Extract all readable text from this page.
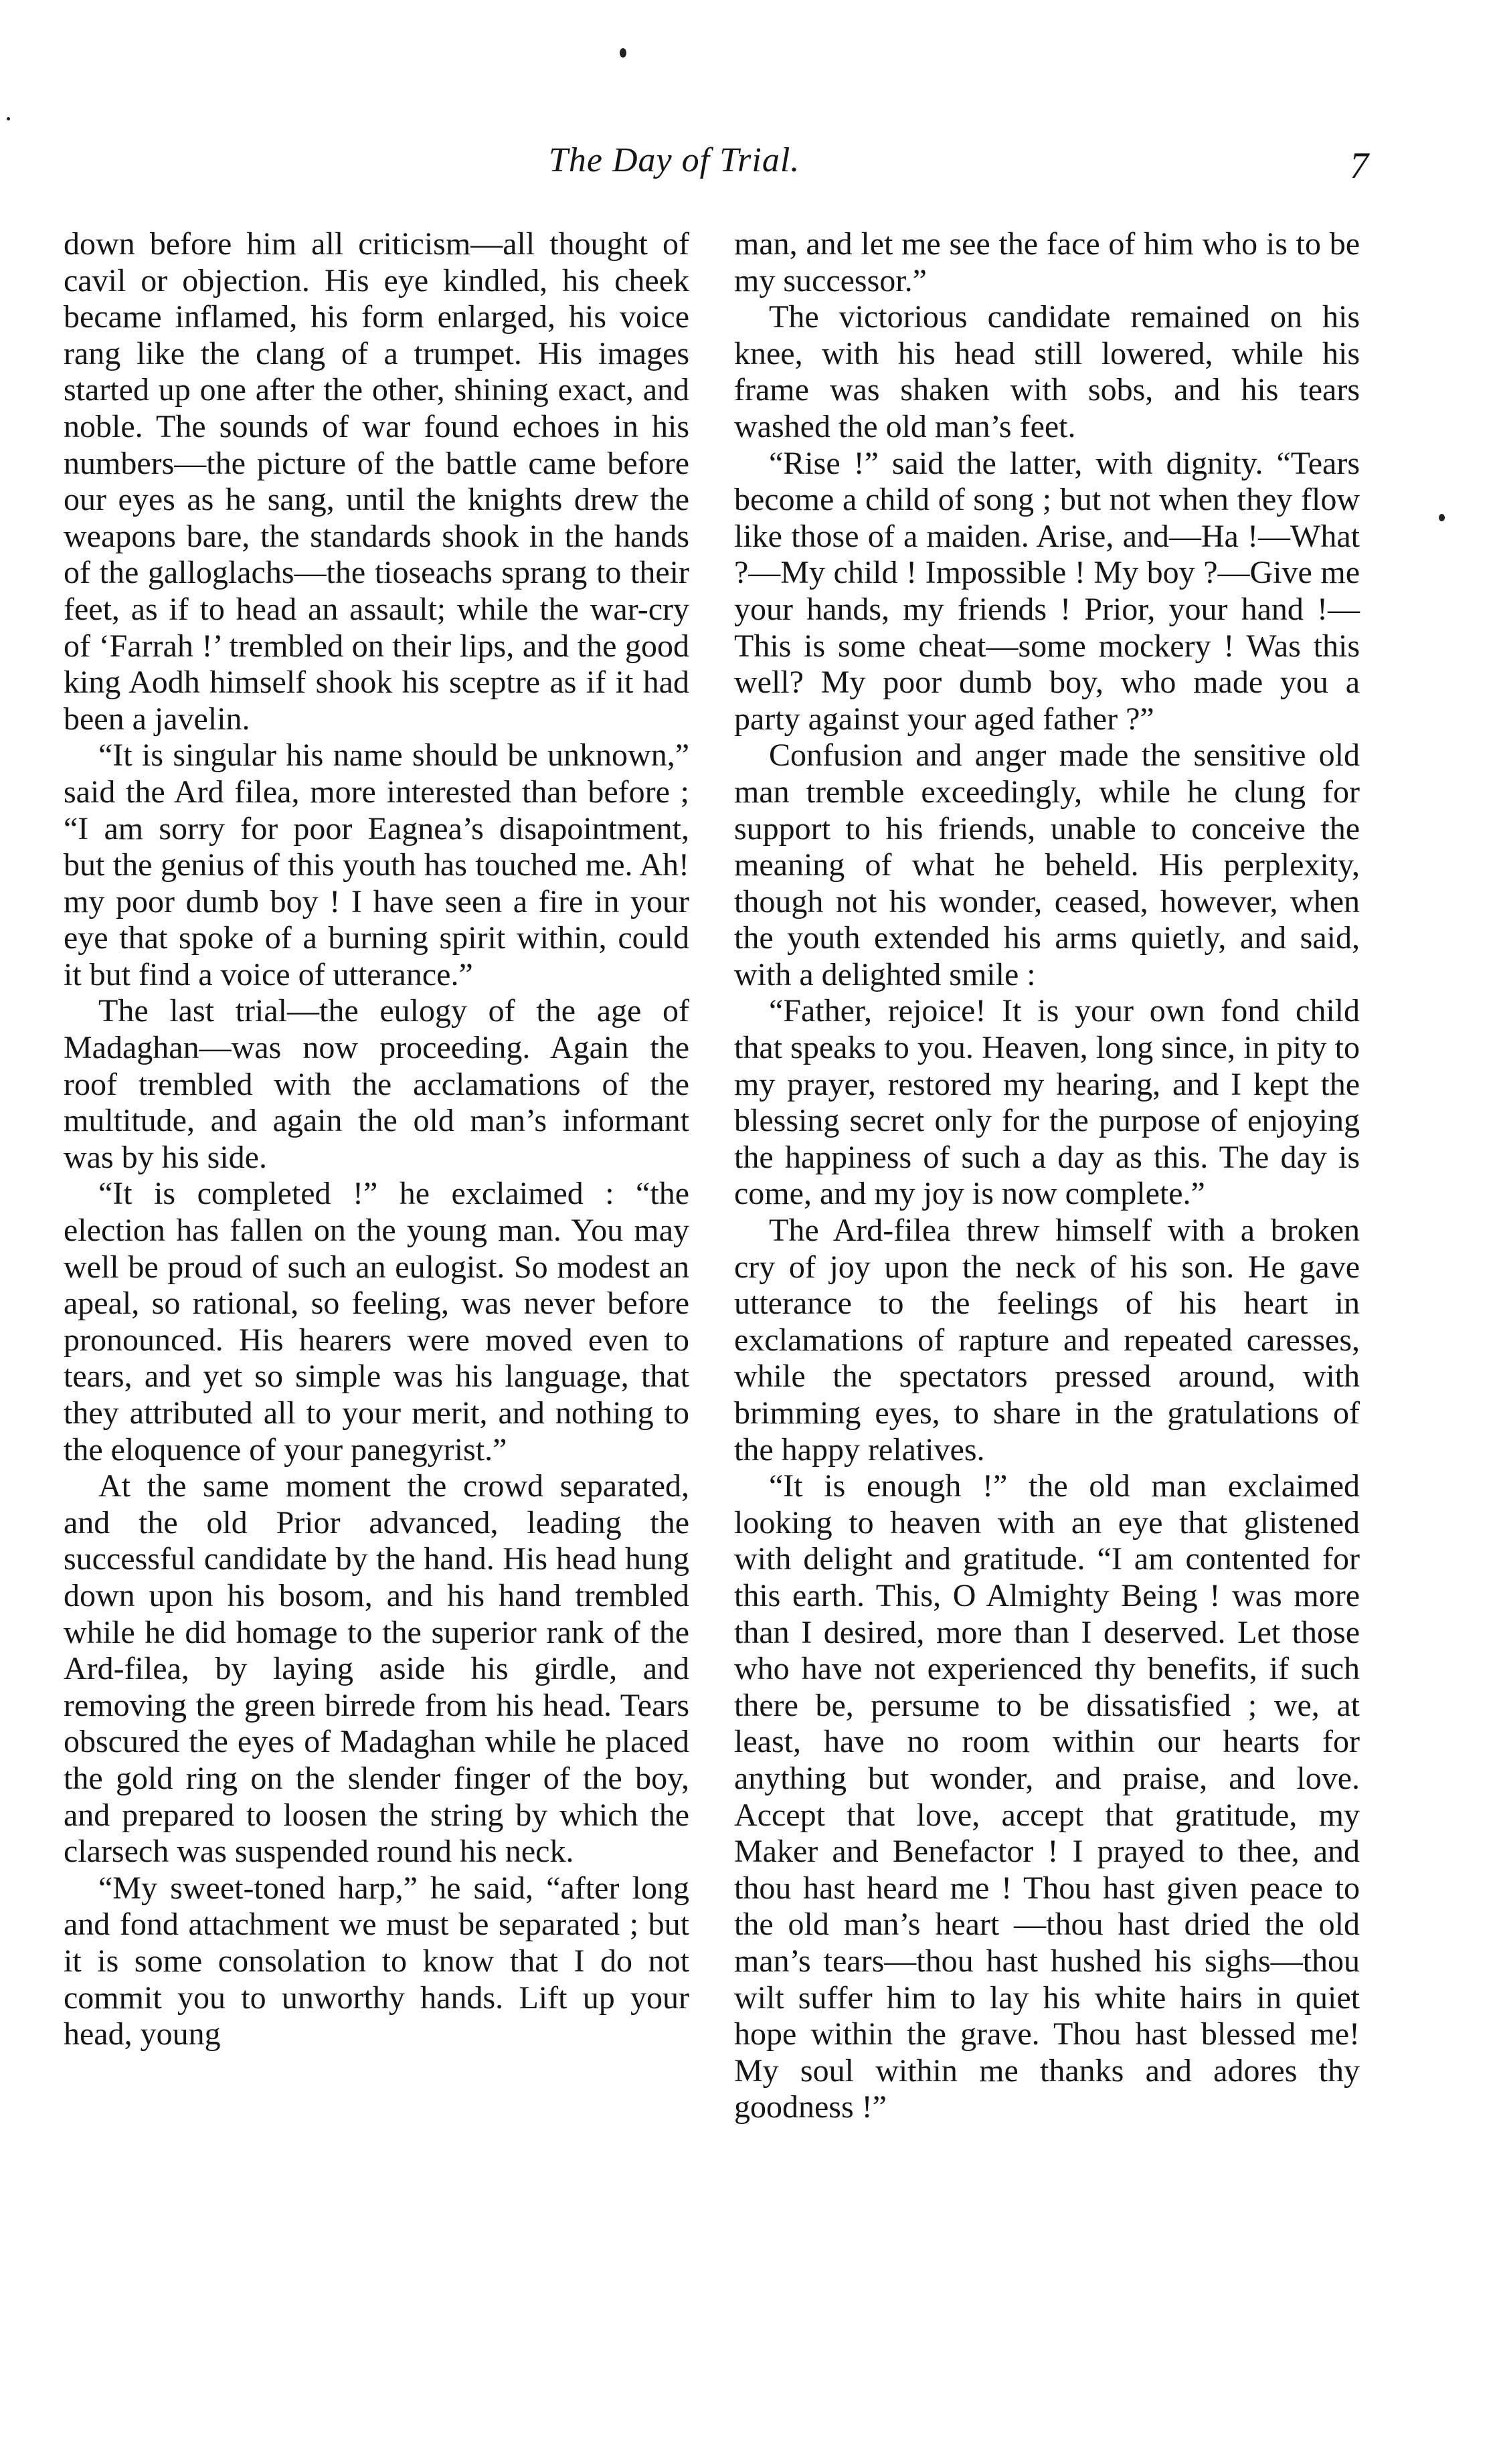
The Day of Trial.	7

down before him all criticism—all thought of cavil or objection. His eye kindled, his cheek became inflamed, his form enlarged, his voice rang like the clang of a trumpet. His images started up one after the other, shining exact, and noble. The sounds of war found echoes in his numbers—the picture of the battle came before our eyes as he sang, until the knights drew the weapons bare, the standards shook in the hands of the galloglachs—the tioseachs sprang to their feet, as if to head an assault; while the war-cry of ‘Farrah !’ trembled on their lips, and the good king Aodh himself shook his sceptre as if it had been a javelin.

“It is singular his name should be unknown,” said the Ard filea, more interested than before ; “I am sorry for poor Eagnea’s disapointment, but the genius of this youth has touched me. Ah! my poor dumb boy ! I have seen a fire in your eye that spoke of a burning spirit within, could it but find a voice of utterance.”

The last trial—the eulogy of the age of Madaghan—was now proceeding. Again the roof trembled with the acclamations of the multitude, and again the old man’s informant was by his side.

“It is completed !” he exclaimed : “the election has fallen on the young man. You may well be proud of such an eulogist. So modest an apeal, so rational, so feeling, was never before pronounced. His hearers were moved even to tears, and yet so simple was his language, that they attributed all to your merit, and nothing to the eloquence of your panegyrist.”

At the same moment the crowd separated, and the old Prior advanced, leading the successful candidate by the hand. His head hung down upon his bosom, and his hand trembled while he did homage to the superior rank of the Ard-filea, by laying aside his girdle, and removing the green birrede from his head. Tears obscured the eyes of Madaghan while he placed the gold ring on the slender finger of the boy, and prepared to loosen the string by which the clarsech was suspended round his neck.

“My sweet-toned harp,” he said, “after long and fond attachment we must be separated ; but it is some consolation to know that I do not commit you to unworthy hands. Lift up your head, young

man, and let me see the face of him who is to be my successor.”

The victorious candidate remained on his knee, with his head still lowered, while his frame was shaken with sobs, and his tears washed the old man’s feet.

“Rise !” said the latter, with dignity. “Tears become a child of song ; but not when they flow like those of a maiden. Arise, and—Ha !—What ?—My child ! Impossible ! My boy ?—Give me your hands, my friends ! Prior, your hand !—This is some cheat—some mockery ! Was this well? My poor dumb boy, who made you a party against your aged father ?”

Confusion and anger made the sensitive old man tremble exceedingly, while he clung for support to his friends, unable to conceive the meaning of what he beheld. His perplexity, though not his wonder, ceased, however, when the youth extended his arms quietly, and said, with a delighted smile :

“Father, rejoice! It is your own fond child that speaks to you. Heaven, long since, in pity to my prayer, restored my hearing, and I kept the blessing secret only for the purpose of enjoying the happiness of such a day as this. The day is come, and my joy is now complete.”

The Ard-filea threw himself with a broken cry of joy upon the neck of his son. He gave utterance to the feelings of his heart in exclamations of rapture and repeated caresses, while the spectators pressed around, with brimming eyes, to share in the gratulations of the happy relatives.

“It is enough !” the old man exclaimed looking to heaven with an eye that glistened with delight and gratitude. “I am contented for this earth. This, O Almighty Being ! was more than I desired, more than I deserved. Let those who have not experienced thy benefits, if such there be, persume to be dissatisfied ; we, at least, have no room within our hearts for anything but wonder, and praise, and love. Accept that love, accept that gratitude, my Maker and Benefactor ! I prayed to thee, and thou hast heard me ! Thou hast given peace to the old man’s heart —thou hast dried the old man’s tears—thou hast hushed his sighs—thou wilt suffer him to lay his white hairs in quiet hope within the grave. Thou hast blessed me! My soul within me thanks and adores thy goodness !”
